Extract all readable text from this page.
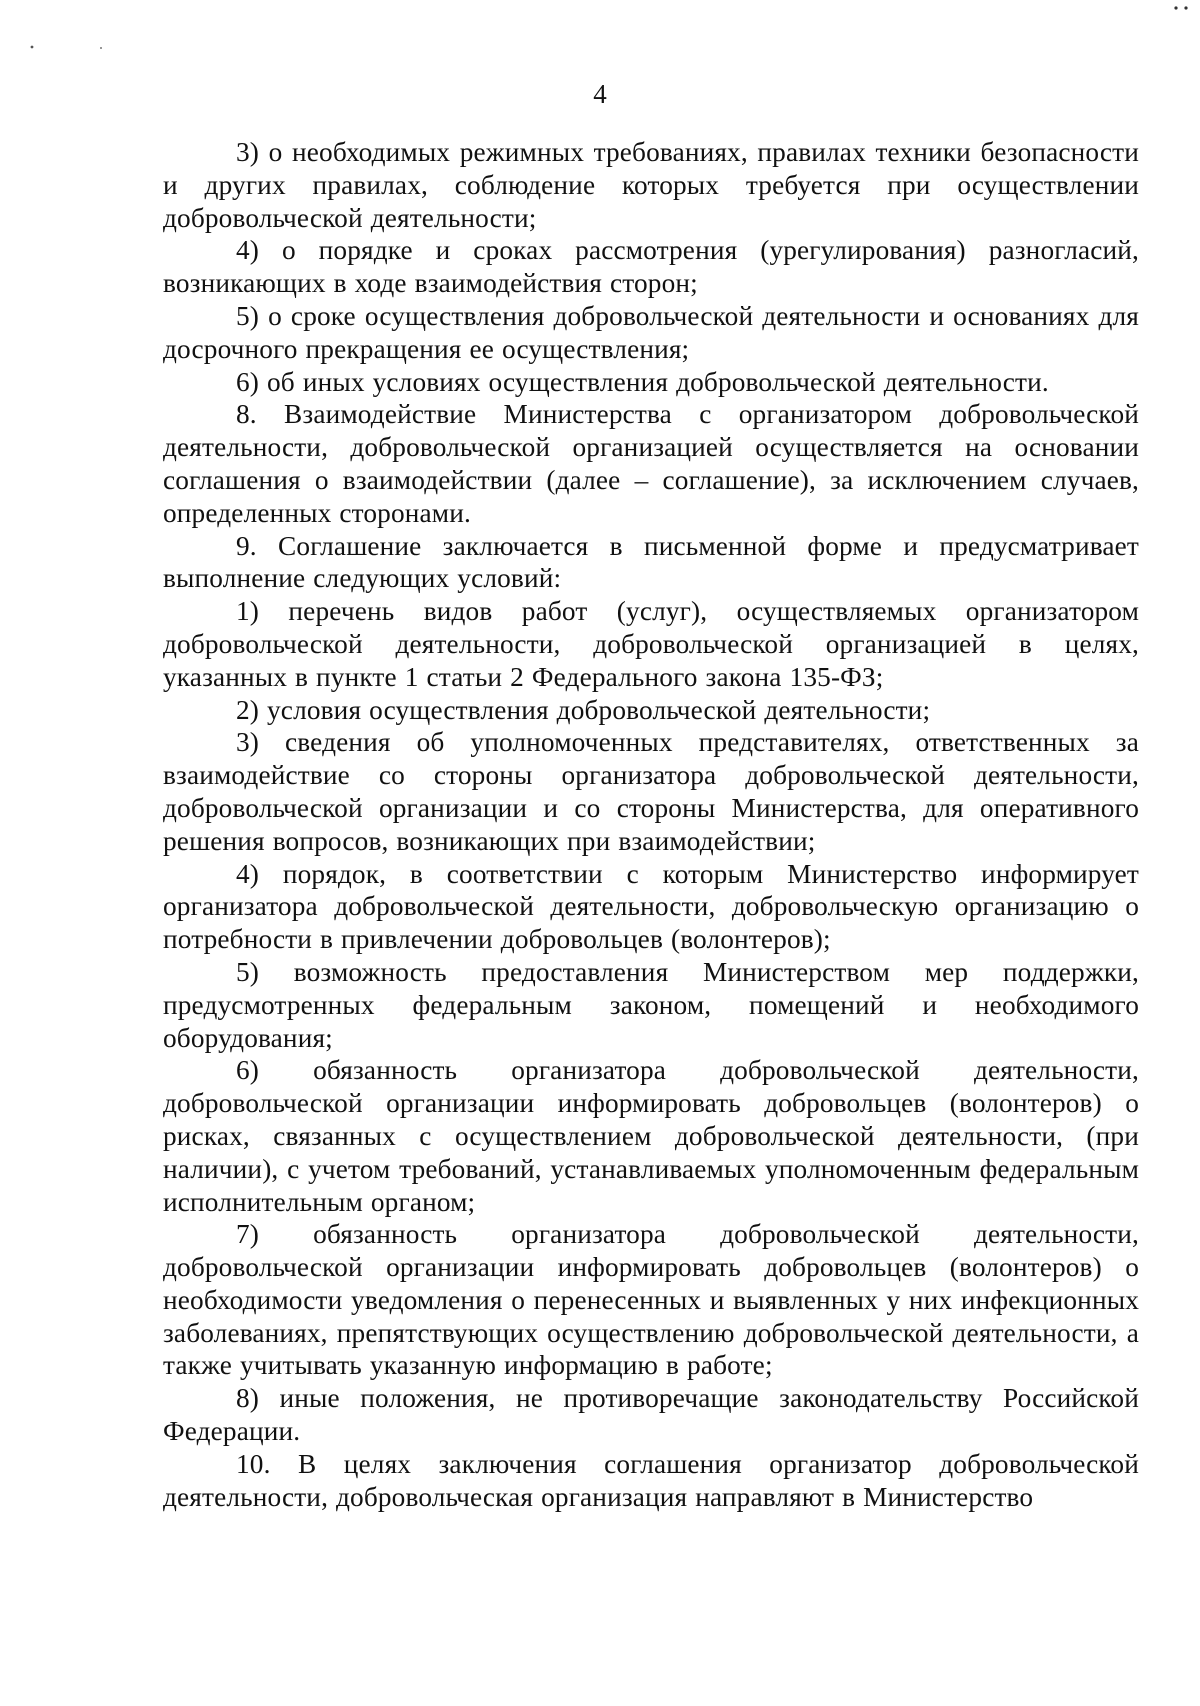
4

3) о необходимых режимных требованиях, правилах техники безопасности и других правилах, соблюдение которых требуется при осуществлении добровольческой деятельности;

4) о порядке и сроках рассмотрения (урегулирования) разногласий, возникающих в ходе взаимодействия сторон;

5) о сроке осуществления добровольческой деятельности и основаниях для досрочного прекращения ее осуществления;

6) об иных условиях осуществления добровольческой деятельности.

8. Взаимодействие Министерства с организатором добровольческой деятельности, добровольческой организацией осуществляется на основании соглашения о взаимодействии (далее – соглашение), за исключением случаев, определенных сторонами.

9. Соглашение заключается в письменной форме и предусматривает выполнение следующих условий:

1) перечень видов работ (услуг), осуществляемых организатором добровольческой деятельности, добровольческой организацией в целях, указанных в пункте 1 статьи 2 Федерального закона 135-ФЗ;

2) условия осуществления добровольческой деятельности;

3) сведения об уполномоченных представителях, ответственных за взаимодействие со стороны организатора добровольческой деятельности, добровольческой организации и со стороны Министерства, для оперативного решения вопросов, возникающих при взаимодействии;

4) порядок, в соответствии с которым Министерство информирует организатора добровольческой деятельности, добровольческую организацию о потребности в привлечении добровольцев (волонтеров);

5) возможность предоставления Министерством мер поддержки, предусмотренных федеральным законом, помещений и необходимого оборудования;

6) обязанность организатора добровольческой деятельности, добровольческой организации информировать добровольцев (волонтеров) о рисках, связанных с осуществлением добровольческой деятельности, (при наличии), с учетом требований, устанавливаемых уполномоченным федеральным исполнительным органом;

7) обязанность организатора добровольческой деятельности, добровольческой организации информировать добровольцев (волонтеров) о необходимости уведомления о перенесенных и выявленных у них инфекционных заболеваниях, препятствующих осуществлению добровольческой деятельности, а также учитывать указанную информацию в работе;

8) иные положения, не противоречащие законодательству Российской Федерации.

10. В целях заключения соглашения организатор добровольческой деятельности, добровольческая организация направляют в Министерство
